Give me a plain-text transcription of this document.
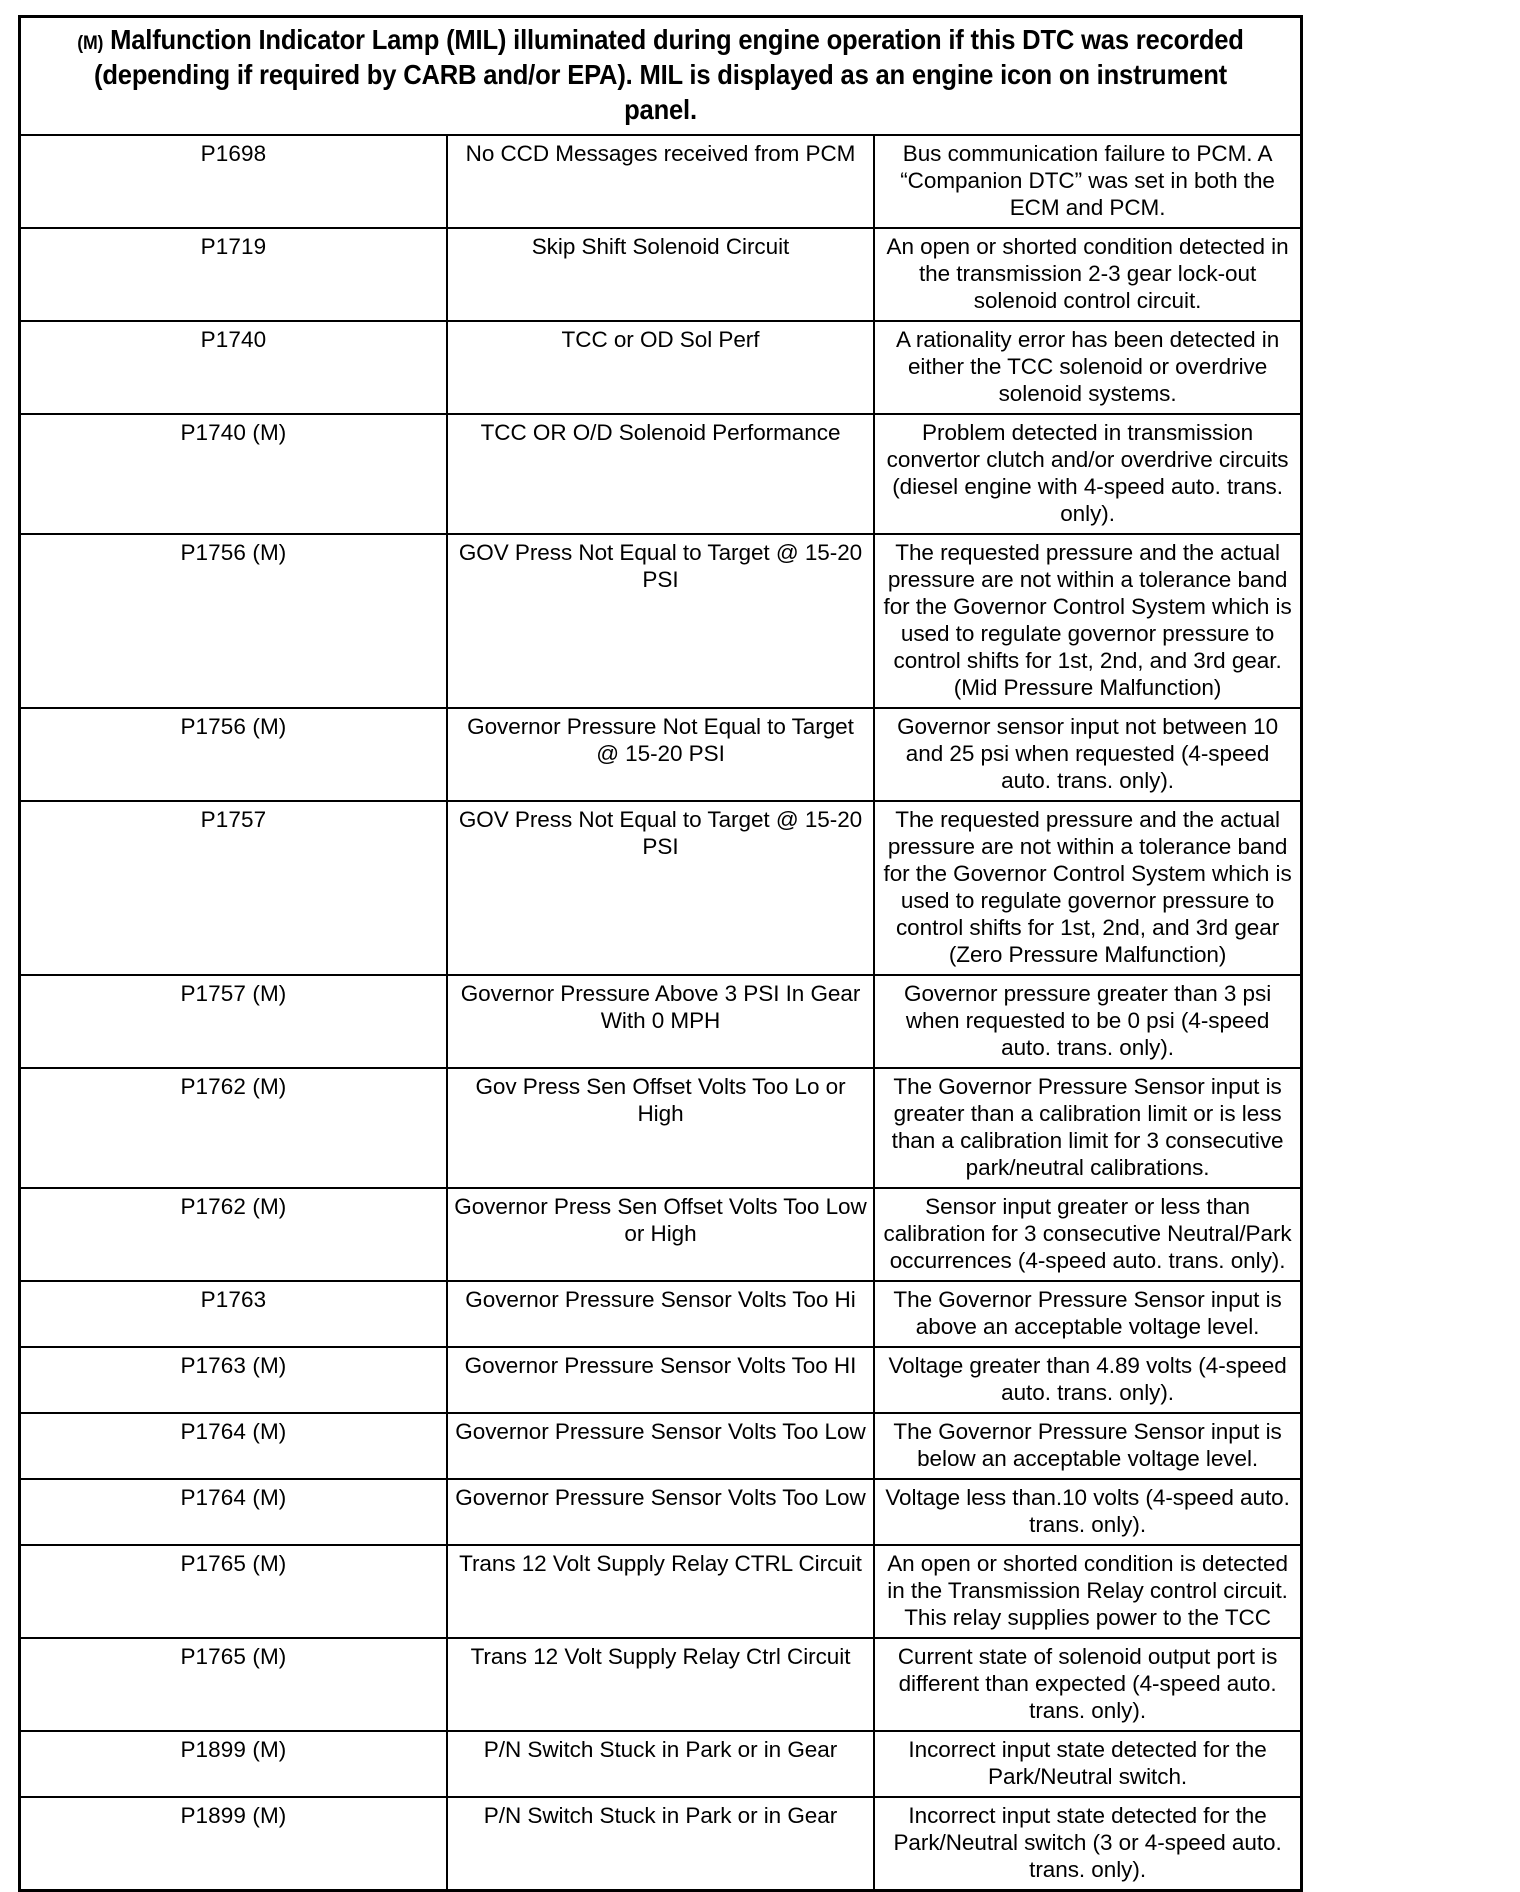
(M) Malfunction Indicator Lamp (MIL) illuminated during engine operation if this DTC was recorded (depending if required by CARB and/or EPA). MIL is displayed as an engine icon on instrument panel.		

P1698	No CCD Messages received from PCM	Bus communication failure to PCM. A “Companion DTC” was set in both the ECM and PCM.
P1719	Skip Shift Solenoid Circuit	An open or shorted condition detected in the transmission 2-3 gear lock-out solenoid control circuit.
P1740	TCC or OD Sol Perf	A rationality error has been detected in either the TCC solenoid or overdrive solenoid systems.
P1740 (M)	TCC OR O/D Solenoid Performance	Problem detected in transmission convertor clutch and/or overdrive circuits (diesel engine with 4-speed auto. trans. only).
P1756 (M)	GOV Press Not Equal to Target @ 15-20 PSI	The requested pressure and the actual pressure are not within a tolerance band for the Governor Control System which is used to regulate governor pressure to control shifts for 1st, 2nd, and 3rd gear. (Mid Pressure Malfunction)
P1756 (M)	Governor Pressure Not Equal to Target @ 15-20 PSI	Governor sensor input not between 10 and 25 psi when requested (4-speed auto. trans. only).
P1757	GOV Press Not Equal to Target @ 15-20 PSI	The requested pressure and the actual pressure are not within a tolerance band for the Governor Control System which is used to regulate governor pressure to control shifts for 1st, 2nd, and 3rd gear (Zero Pressure Malfunction)
P1757 (M)	Governor Pressure Above 3 PSI In Gear With 0 MPH	Governor pressure greater than 3 psi when requested to be 0 psi (4-speed auto. trans. only).
P1762 (M)	Gov Press Sen Offset Volts Too Lo or High	The Governor Pressure Sensor input is greater than a calibration limit or is less than a calibration limit for 3 consecutive park/neutral calibrations.
P1762 (M)	Governor Press Sen Offset Volts Too Low or High	Sensor input greater or less than calibration for 3 consecutive Neutral/Park occurrences (4-speed auto. trans. only).
P1763	Governor Pressure Sensor Volts Too Hi	The Governor Pressure Sensor input is above an acceptable voltage level.
P1763 (M)	Governor Pressure Sensor Volts Too HI	Voltage greater than 4.89 volts (4-speed auto. trans. only).
P1764 (M)	Governor Pressure Sensor Volts Too Low	The Governor Pressure Sensor input is below an acceptable voltage level.
P1764 (M)	Governor Pressure Sensor Volts Too Low	Voltage less than.10 volts (4-speed auto. trans. only).
P1765 (M)	Trans 12 Volt Supply Relay CTRL Circuit	An open or shorted condition is detected in the Transmission Relay control circuit. This relay supplies power to the TCC
P1765 (M)	Trans 12 Volt Supply Relay Ctrl Circuit	Current state of solenoid output port is different than expected (4-speed auto. trans. only).
P1899 (M)	P/N Switch Stuck in Park or in Gear	Incorrect input state detected for the Park/Neutral switch.
P1899 (M)	P/N Switch Stuck in Park or in Gear	Incorrect input state detected for the Park/Neutral switch (3 or 4-speed auto. trans. only).
